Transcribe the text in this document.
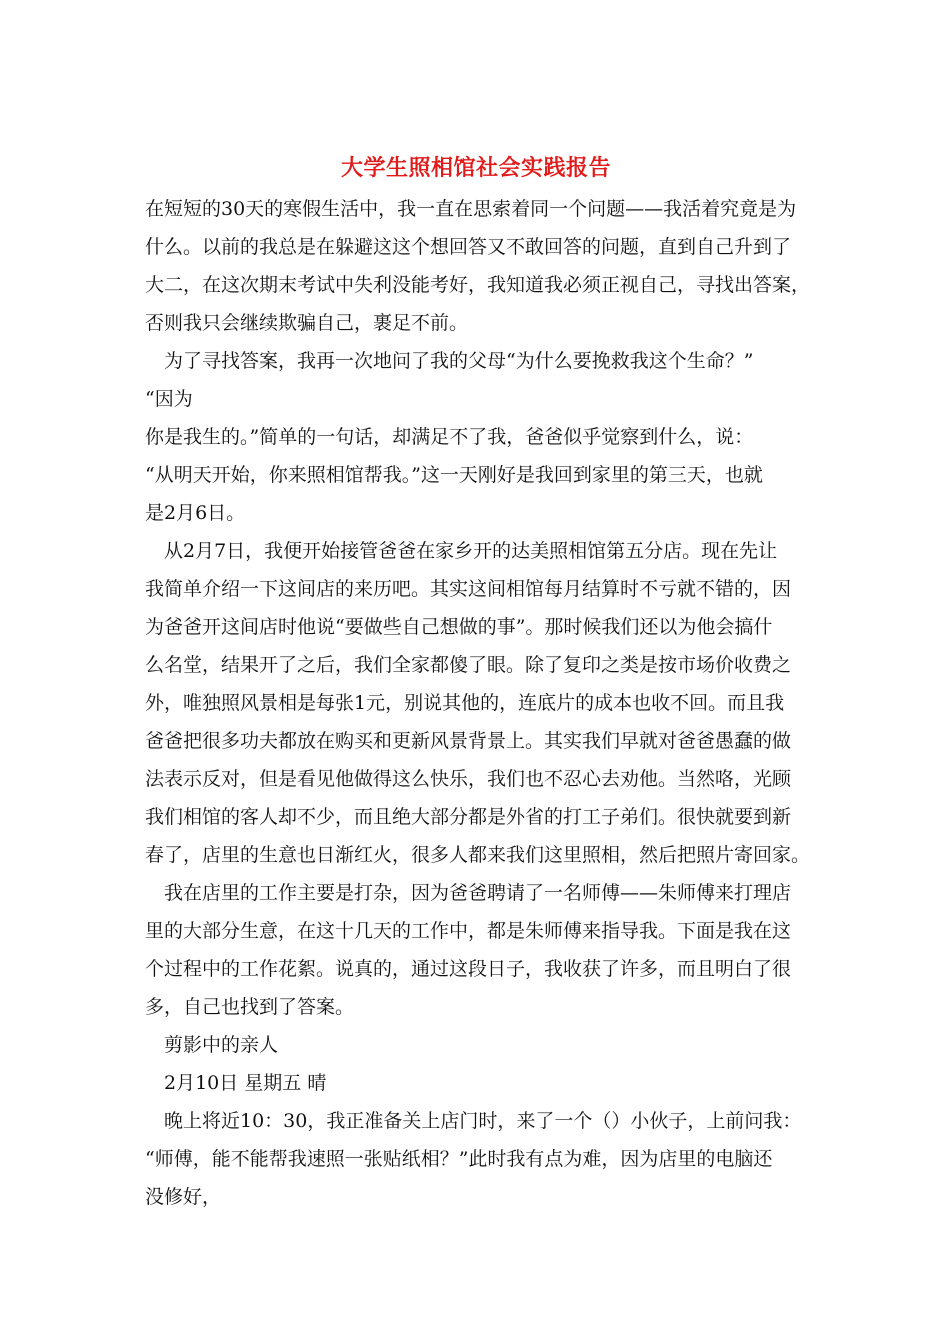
大学生照相馆社会实践报告
在短短的30天的寒假生活中，我一直在思索着同一个问题——我活着究竟是为
什么。以前的我总是在躲避这这个想回答又不敢回答的问题，直到自己升到了
大二，在这次期末考试中失利没能考好，我知道我必须正视自己，寻找出答案，
否则我只会继续欺骗自己，裹足不前。
为了寻找答案，我再一次地问了我的父母“为什么要挽救我这个生命？”
“因为
你是我生的。”简单的一句话，却满足不了我，爸爸似乎觉察到什么，说：
“从明天开始，你来照相馆帮我。”这一天刚好是我回到家里的第三天，也就
是2月6日。
从2月7日，我便开始接管爸爸在家乡开的达美照相馆第五分店。现在先让
我简单介绍一下这间店的来历吧。其实这间相馆每月结算时不亏就不错的，因
为爸爸开这间店时他说“要做些自己想做的事”。那时候我们还以为他会搞什
么名堂，结果开了之后，我们全家都傻了眼。除了复印之类是按市场价收费之
外，唯独照风景相是每张1元，别说其他的，连底片的成本也收不回。而且我
爸爸把很多功夫都放在购买和更新风景背景上。其实我们早就对爸爸愚蠢的做
法表示反对，但是看见他做得这么快乐，我们也不忍心去劝他。当然咯，光顾
我们相馆的客人却不少，而且绝大部分都是外省的打工子弟们。很快就要到新
春了，店里的生意也日渐红火，很多人都来我们这里照相，然后把照片寄回家。
我在店里的工作主要是打杂，因为爸爸聘请了一名师傅——朱师傅来打理店
里的大部分生意，在这十几天的工作中，都是朱师傅来指导我。下面是我在这
个过程中的工作花絮。说真的，通过这段日子，我收获了许多，而且明白了很
多，自己也找到了答案。
剪影中的亲人
2月10日 星期五 晴
晚上将近10：30，我正准备关上店门时，来了一个（）小伙子，上前问我：
“师傅，能不能帮我速照一张贴纸相？”此时我有点为难，因为店里的电脑还
没修好，
